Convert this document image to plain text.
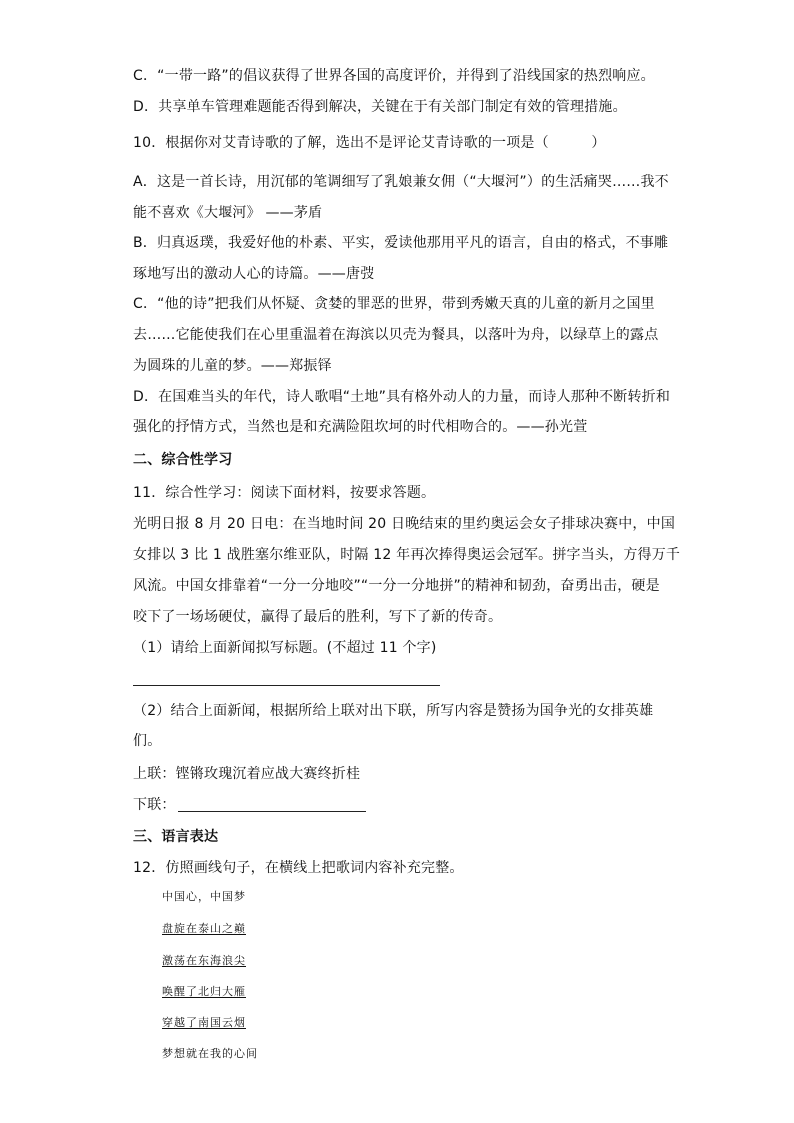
C．“一带一路”的倡议获得了世界各国的高度评价，并得到了沿线国家的热烈响应。
D．共享单车管理难题能否得到解决，关键在于有关部门制定有效的管理措施。
10．根据你对艾青诗歌的了解，选出不是评论艾青诗歌的一项是（　　　）
A．这是一首长诗，用沉郁的笔调细写了乳娘兼女佣（“大堰河”）的生活痛哭……我不
能不喜欢《大堰河》 ——茅盾
B．归真返璞，我爱好他的朴素、平实，爱读他那用平凡的语言，自由的格式，不事雕
琢地写出的激动人心的诗篇。——唐弢
C．“他的诗”把我们从怀疑、贪婪的罪恶的世界，带到秀嫩天真的儿童的新月之国里
去……它能使我们在心里重温着在海滨以贝壳为餐具，以落叶为舟，以绿草上的露点
为圆珠的儿童的梦。——郑振铎
D．在国难当头的年代，诗人歌唱“土地”具有格外动人的力量，而诗人那种不断转折和
强化的抒情方式，当然也是和充满险阻坎坷的时代相吻合的。——孙光萱
二、综合性学习
11．综合性学习：阅读下面材料，按要求答题。
光明日报 8 月 20 日电：在当地时间 20 日晚结束的里约奥运会女子排球决赛中，中国
女排以 3 比 1 战胜塞尔维亚队，时隔 12 年再次捧得奥运会冠军。拼字当头，方得万千
风流。中国女排靠着“一分一分地咬”“一分一分地拼”的精神和韧劲，奋勇出击，硬是
咬下了一场场硬仗，赢得了最后的胜利，写下了新的传奇。
（1）请给上面新闻拟写标题。(不超过 11 个字)
（2）结合上面新闻，根据所给上联对出下联，所写内容是赞扬为国争光的女排英雄
们。
上联：铿锵玫瑰沉着应战大赛终折桂
下联：
三、语言表达
12．仿照画线句子，在横线上把歌词内容补充完整。
中国心，中国梦
盘旋在泰山之巅
激荡在东海浪尖
唤醒了北归大雁
穿越了南国云烟
梦想就在我的心间
